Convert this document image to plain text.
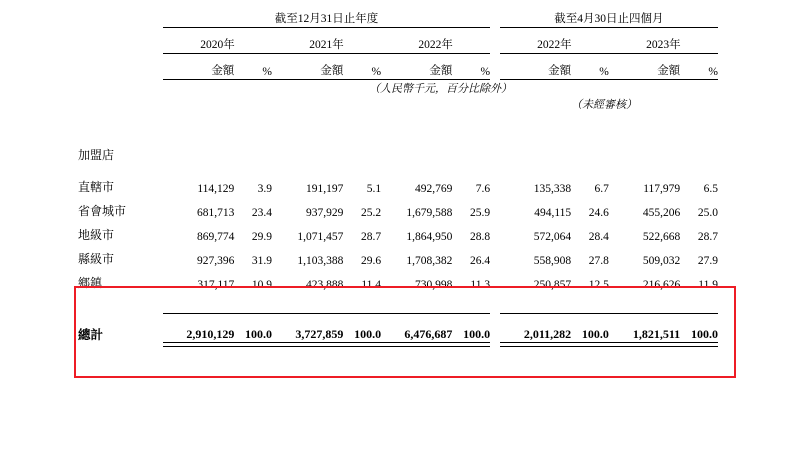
	截至12月31日止年度							截至4月30日止四個月			

	2020年		2021年		2022年			2022年		2023年	

	金額	%	金額	%	金額	%		金額	%	金額	%

	（人民幣千元，百分比除外）										
							（未經審核）				

加盟店											

直轄市	114,129	3.9	191,197	5.1	492,769	7.6		135,338	6.7	117,979	6.5
省會城市	681,713	23.4	937,929	25.2	1,679,588	25.9		494,115	24.6	455,206	25.0
地級市	869,774	29.9	1,071,457	28.7	1,864,950	28.8		572,064	28.4	522,668	28.7
縣級市	927,396	31.9	1,103,388	29.6	1,708,382	26.4		558,908	27.8	509,032	27.9
鄉鎮	317,117	10.9	423,888	11.4	730,998	11.3		250,857	12.5	216,626	11.9

總計	2,910,129	100.0	3,727,859	100.0	6,476,687	100.0		2,011,282	100.0	1,821,511	100.0
